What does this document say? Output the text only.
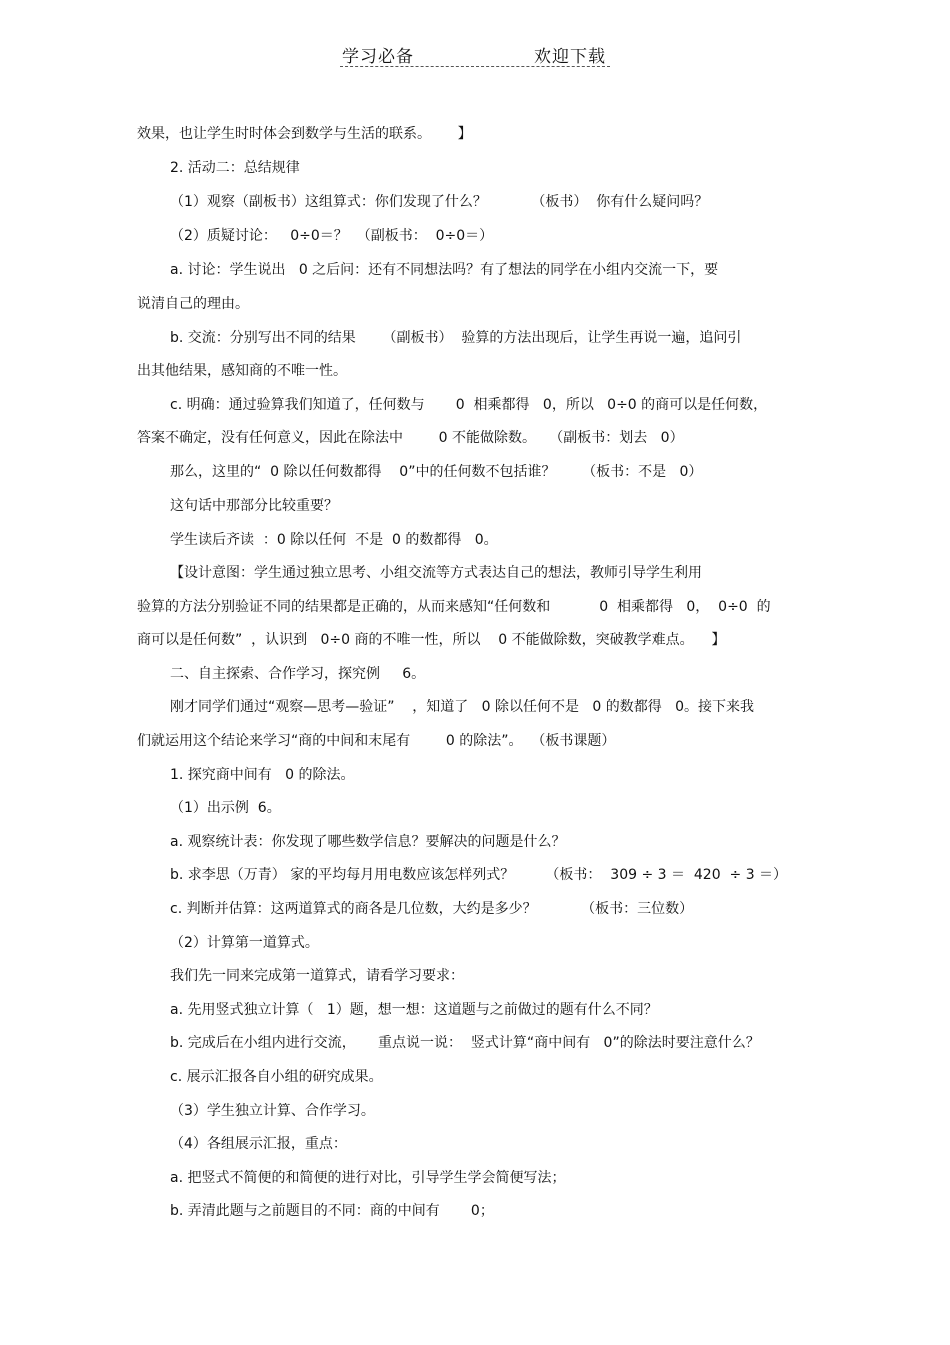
学习必备	欢迎下载
效果，也让学生时时体会到数学与生活的联系。      】
2. 活动二：总结规律
（1）观察（副板书）这组算式：你们发现了什么？          （板书）  你有什么疑问吗？
（2）质疑讨论：   0÷0＝？  （副板书：  0÷0＝）
a. 讨论：学生说出   0 之后问：还有不同想法吗？有了想法的同学在小组内交流一下，要
说清自己的理由。
b. 交流：分别写出不同的结果      （副板书）  验算的方法出现后，让学生再说一遍，追问引
出其他结果，感知商的不唯一性。
c. 明确：通过验算我们知道了，任何数与       0  相乘都得   0，所以   0÷0 的商可以是任何数，
答案不确定，没有任何意义，因此在除法中        0 不能做除数。   （副板书：划去   0）
那么，这里的“  0 除以任何数都得    0”中的任何数不包括谁？      （板书：不是   0）
这句话中那部分比较重要？
学生读后齐读  ：0 除以任何  不是  0 的数都得   0。
【设计意图：学生通过独立思考、小组交流等方式表达自己的想法，教师引导学生利用
验算的方法分别验证不同的结果都是正确的，从而来感知“任何数和           0  相乘都得   0，  0÷0  的
商可以是任何数”  ，认识到   0÷0 商的不唯一性，所以    0 不能做除数，突破教学难点。    】
二、自主探索、合作学习，探究例     6。
刚才同学们通过“观察—思考—验证”    ，知道了   0 除以任何不是   0 的数都得   0。接下来我
们就运用这个结论来学习“商的中间和末尾有        0 的除法”。  （板书课题）
1. 探究商中间有   0 的除法。
（1）出示例  6。
a. 观察统计表：你发现了哪些数学信息？要解决的问题是什么？
b. 求李思（万青） 家的平均每月用电数应该怎样列式？       （板书：  309 ÷ 3 ＝  420  ÷ 3 ＝）
c. 判断并估算：这两道算式的商各是几位数，大约是多少？          （板书：三位数）
（2）计算第一道算式。
我们先一同来完成第一道算式，请看学习要求：
a. 先用竖式独立计算（   1）题，想一想：这道题与之前做过的题有什么不同？
b. 完成后在小组内进行交流，     重点说一说：  竖式计算“商中间有   0”的除法时要注意什么？
c. 展示汇报各自小组的研究成果。
（3）学生独立计算、合作学习。
（4）各组展示汇报，重点：
a. 把竖式不简便的和简便的进行对比，引导学生学会简便写法；
b. 弄清此题与之前题目的不同：商的中间有       0；
